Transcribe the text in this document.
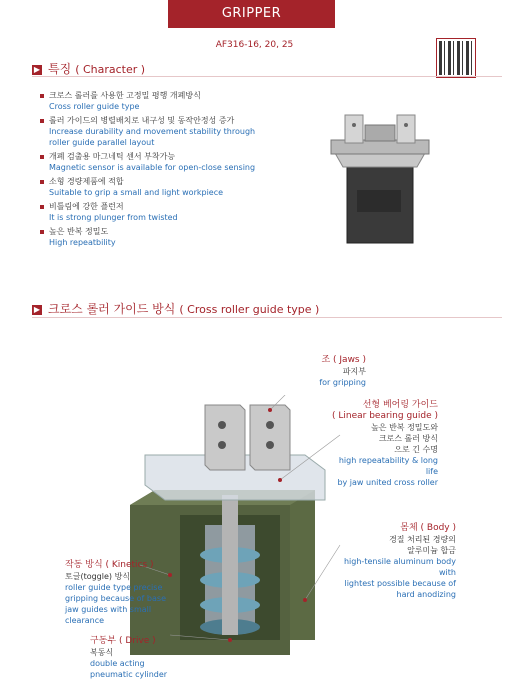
GRIPPER
AF316-16, 20, 25
▶ 특징 ( Character )
크로스 롤러를 사용한 고정밀 평행 개폐방식
Cross roller guide type
롤러 가이드의 병렬배치로 내구성 및 동작안정성 증가
Increase durability and movement stability through
roller guide parallel layout
개폐 검출용 마그네틱 센서 부착가능
Magnetic sensor is available for open-close sensing
소형 경량제품에 적합
Suitable to grip a small and light workpiece
비틀림에 강한 플런저
It is strong plunger from twisted
높은 반복 정밀도
High repeatbility
▶ 크로스 롤러 가이드 방식 ( Cross roller guide type )
조 ( Jaws )
파지부
for gripping
선형 베어링 가이드
( Linear bearing guide )
높은 반복 정밀도와
크로스 롤러 방식
으로 긴 수명
high repeatability & long life
by jaw united cross roller
몸체 ( Body )
경질 처리된 경량의
알루미늄 합금
high-tensile aluminum body with
lightest possible because of
hard anodizing
작동 방식 ( Kinetics )
토글(toggle) 방식
roller guide type precise
gripping because of base
jaw guides with small
clearance
구동부 ( Drive )
복동식
double acting
pneumatic cylinder
